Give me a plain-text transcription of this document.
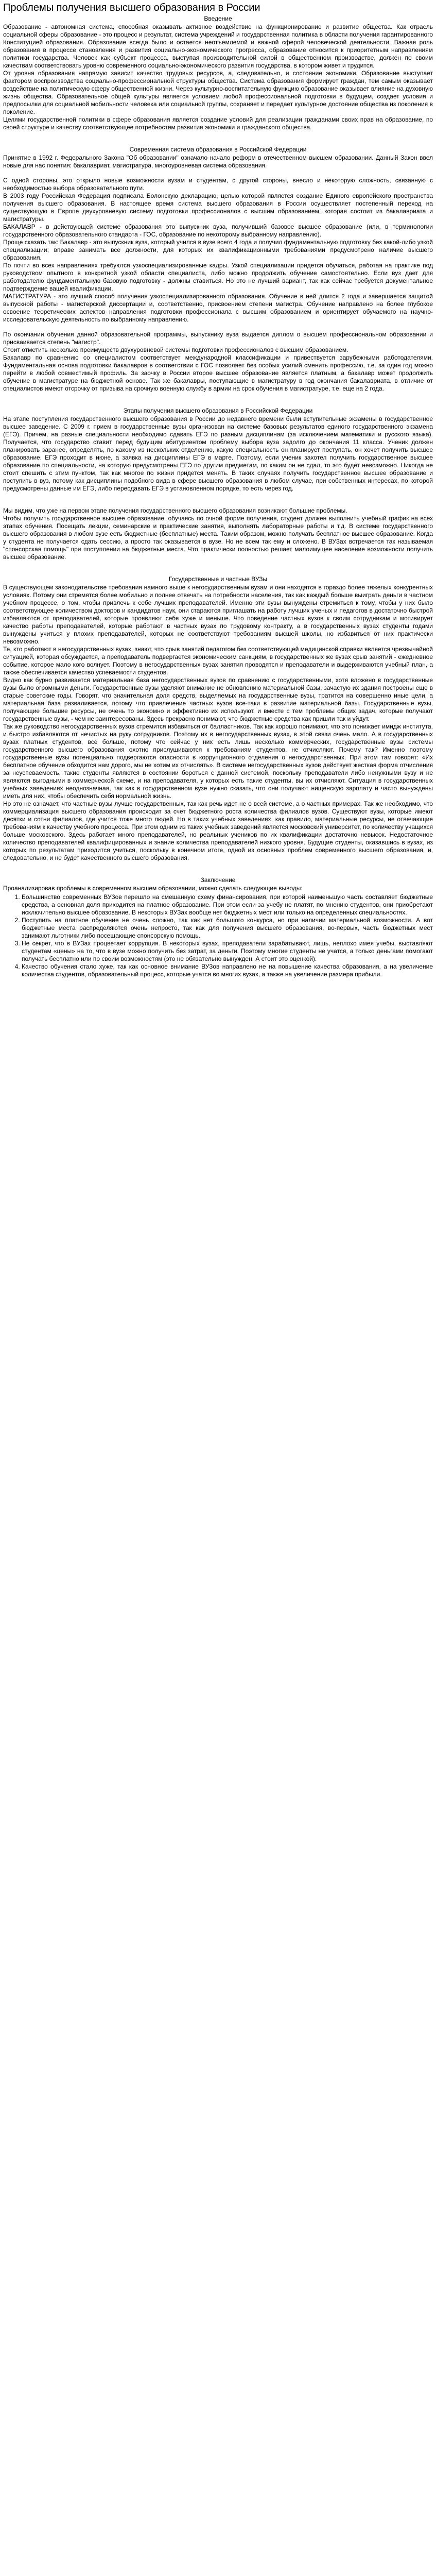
Проблемы получения высшего образования в России
Введение

Образование - автономная система, способная оказывать активное воздействие на функционирование и развитие общества. Как отрасль социальной сферы образование - это процесс и результат, система учреждений и государственная политика в области получения гарантированного Конституцией образования. Образование всегда было и остается неотъемлемой и важной сферой человеческой деятельности. Важная роль образования в процессе становления и развития социально-экономического прогресса, образование относится к приоритетным направлениям политики государства. Человек как субъект процесса, выступая производительной силой в общественном производстве, должен по своим качествам соответствовать уровню современного социально-экономического развития государства, в котором живет и трудится.

От уровня образования напрямую зависит качество трудовых ресурсов, а, следовательно, и состояние экономики. Образование выступает фактором воспроизводства социально-профессиональной структуры общества. Система образования формирует граждан, тем самым оказывает воздействие на политическую сферу общественной жизни. Через культурно-воспитательную функцию образование оказывает влияние на духовную жизнь общества. Образовательное общей культуры является условием любой профессиональной подготовки в будущем, создает условия и предпосылки для социальной мобильности человека или социальной группы, сохраняет и передает культурное достояние общества из поколения в поколение.

Целями государственной политики в сфере образования является создание условий для реализации гражданами своих прав на образование, по своей структуре и качеству соответствующее потребностям развития экономики и гражданского общества.

Современная система образования в Российской Федерации

Принятие в 1992 г. Федерального Закона "Об образовании" означало начало реформ в отечественном высшем образовании. Данный Закон ввел новые для нас понятия: бакалавриат, магистратура, многоуровневая система образования.

С одной стороны, это открыло новые возможности вузам и студентам, с другой стороны, внесло и некоторую сложность, связанную с необходимостью выбора образовательного пути.

В 2003 году Российская Федерация подписала Болонскую декларацию, целью которой является создание Единого европейского пространства получения высшего образования. В настоящее время система высшего образования в России осуществляет постепенный переход на существующую в Европе двухуровневую систему подготовки профессионалов с высшим образованием, которая состоит из бакалавриата и магистратуры.

БАКАЛАВР - в действующей системе образования это выпускник вуза, получивший базовое высшее образование (или, в терминологии государственного образовательного стандарта - ГОС, образование по некоторому выбранному направлению).

Проще сказать так: Бакалавр - это выпускник вуза, который учился в вузе всего 4 года и получил фундаментальную подготовку без какой-либо узкой специализации; вправе занимать все должности, для которых их квалификационными требованиями предусмотрено наличие высшего образования.

По почти во всех направлениях требуются узкоспециализированные кадры. Узкой специализации придется обучаться, работая на практике под руководством опытного в конкретной узкой области специалиста, либо можно продолжить обучение самостоятельно. Если вуз дает для работодателю фундаментальную базовую подготовку - должны ставиться. Но это не лучший вариант, так как сейчас требуется документальное подтверждение вашей квалификации.

МАГИСТРАТУРА - это лучший способ получения узкоспециализированного образования. Обучение в ней длится 2 года и завершается защитой выпускной работы - магистерской диссертации и, соответственно, присвоением степени магистра. Обучение направлено на более глубокое освоение теоретических аспектов направления подготовки профессионала с высшим образованием и ориентирует обучаемого на научно-исследовательскую деятельность по выбранному направлению.

По окончании обучения данной образовательной программы, выпускнику вуза выдается диплом о высшем профессиональном образовании и присваивается степень "магистр".

Стоит отметить несколько преимуществ двухуровневой системы подготовки профессионалов с высшим образованием.

Бакалавр по сравнению со специалистом соответствует международной классификации и привествуется зарубежными работодателями. Фундаментальная основа подготовки бакалавров в соответствии с ГОС позволяет без особых усилий сменить профессию, т.е. за один год можно перейти в любой совместимый профиль. За заочку в России второе высшее образование является платным, а бакалавр может продолжить обучение в магистратуре на бюджетной основе. Так же бакалавры, поступающие в магистратуру в год окончания бакалавриата, в отличие от специалистов имеют отсрочку от призыва на срочную военную службу в армии на срок обучения в магистратуре, т.е. еще на 2 года.

Этапы получения высшего образования в Российской Федерации

На этапе поступления государственного высшего образования в России до недавнего времени были вступительные экзамены в государственное высшее заведение. С 2009 г. прием в государственные вузы организован на системе базовых результатов единого государственного экзамена (ЕГЭ). Причем, на разные специальности необходимо сдавать ЕГЭ по разным дисциплинам (за исключением математики и русского языка). Получается, что государство ставит перед будущим абитуриентом проблему выбора вуза задолго до окончания 11 класса. Ученик должен планировать заранее, определять, по какому из нескольких отделению, какую специальность он планирует поступать, он хочет получить высшее образование. ЕГЭ проходит в июне, а заявка на дисциплины ЕГЭ в марте. Поэтому, если ученик захотел получить государственное высшее образование по специальности, на которую предусмотрены ЕГЭ по другим предметам, по каким он не сдал, то это будет невозможно. Никогда не стоит спешить с этим пунктом, так как многое по жизни придется менять. В таких случаях получить государственное высшее образование и поступить в вуз, потому как дисциплины подобного вида в сфере высшего образования в любом случае, при собственных интересах, по которой предусмотрены данные им ЕГЭ, либо пересдавать ЕГЭ в установленном порядке, то есть через год.

Мы видим, что уже на первом этапе получения государственного высшего образования возникают большие проблемы.

Чтобы получить государственное высшее образование, обучаясь по очной форме получения, студент должен выполнить учебный график на всех этапах обучения. Посещать лекции, семинарские и практические занятия, выполнять лабораторные работы и т.д. В системе государственного высшего образования в любом вузе есть бюджетные (бесплатные) места. Таким образом, можно получать бесплатное высшее образование. Когда у студента не получается сдать сессию, а просто так оказывается в вузе. Но не всем так ему и сложено. В ВУЗах встречается так называемая "спонсорская помощь" при поступлении на бюджетные места. Что практически полностью решает малоимущее население возможности получить высшее образование.

Государственные и частные ВУЗы

В существующем законодательстве требования намного выше к негосударственным вузам и они находятся в гораздо более тяжелых конкурентных условиях. Потому они стремятся более мобильно и полнее отвечать на потребности населения, так как каждый больше выиграть деньги в частном учебном процессе, о том, чтобы привлечь к себе лучших преподавателей. Именно эти вузы вынуждены стремиться к тому, чтобы у них было соответствующее количеством докторов и кандидатов наук, они стараются приглашать на работу лучших ученых и педагогов в достаточно быстрой избавляются от преподавателей, которые проявляют себя хуже и меньше. Что поведение частных вузов к своим сотрудникам и мотивирует качество работы преподавателей, которые работают в частных вузах по трудовому контракту, а в государственных вузах студенты годами вынуждены учиться у плохих преподавателей, которых не соответствуют требованиям высшей школы, но избавиться от них практически невозможно.

Те, кто работают в негосударственных вузах, знают, что срыв занятий педагогом без соответствующей медицинской справки является чрезвычайной ситуацией, которая обсуждается, а преподаватель подвергается экономическим санкциям, в государственных же вузах срыв занятий - ежедневное событие, которое мало кого волнует. Поэтому в негосударственных вузах занятия проводятся и преподаватели и выдерживаются учебный план, а также обеспечивается качество успеваемости студентов.

Видно как бурно развивается материальная база негосударственных вузов по сравнению с государственными, хотя вложено в государственные вузы было огромными деньги. Государственные вузы уделяют внимание не обновлению материальной базы, зачастую их здания построены еще в старые советские годы. Говорят, что значительная доля средств, выделяемых на государственные вузы, тратится на совершенно иные цели, а материальная база разваливается, потому что привлечение частных вузов все-таки в развитие материальной базы. Государственные вузы, получающие большие ресурсы, не очень то экономно и эффективно их используют, и вместе с тем проблемы общих задач, которые получают государственные вузы, - чем не заинтересованы. Здесь прекрасно понимают, что бюджетные средства как пришли так и уйдут.

Так же руководство негосударственных вузов стремится избавиться от балластников. Так как хорошо понимают, что это понижает имидж института, и быстро избавляются от нечистых на руку сотрудников. Поэтому их в негосударственных вузах, в этой связи очень мало. А в государственных вузах платных студентов, все больше, потому что сейчас у них есть лишь несколько коммерческих, государственные вузы системы государственного высшего образования охотно прислушиваются к требованиям студентов, не отчисляют. Почему так? Именно поэтому государственные вузы потенциально подвергаются опасности в коррупционного отделения о негосударственных. При этом там говорят: «Их бесплатное обучение обходится нам дорого, мы не хотим их отчислять». В системе негосударственных вузов действует жесткая форма отчисления за неуспеваемость, такие студенты являются в состоянии бороться с данной системой, поскольку преподаватели либо ненужными вузу и не являются выгодными в коммерческой схеме, и на преподавателя, у которых есть такие студенты, вы их отчисляют. Ситуация в государственных учебных заведениях неоднозначная, так как в государственном вузе нужно сказать, что они получают нищенскую зарплату и часто вынуждены иметь для них, чтобы обеспечить себя нормальной жизнь.

Но это не означает, что частные вузы лучше государственных, так как речь идет не о всей системе, а о частных примерах. Так же необходимо, что коммерциализация высшего образования происходит за счет бюджетного роста количества филиалов вузов. Существуют вузы, которые имеют десятки и сотни филиалов, где учится тоже много людей. Но в таких учебных заведениях, как правило, материальные ресурсы, не отвечающие требованиям к качеству учебного процесса. При этом одним из таких учебных заведений является московский университет, по количеству учащихся больше московского. Здесь работает много преподавателей, но реальных учеников по их квалификации достаточно невысок. Недостаточное количество преподавателей квалифицированных и знание количества преподавателей низкого уровня. Будущие студенты, оказавшись в вузах, из которых по результатам приходится учиться, поскольку в конечном итоге, одной из основных проблем современного высшего образования, и, следовательно, и не будет качественного высшего образования.

Заключение

Проанализировав проблемы в современном высшем образовании, можно сделать следующие выводы:

1. Большинство современных ВУЗов перешло на смешанную схему финансирования, при которой наименьшую часть составляет бюджетные средства, а основная доля приходится на платное образование. При этом если за учебу не платят, по мнению студентов, они приобретают исключительно высшее образование. В некоторых ВУЗах вообще нет бюджетных мест или только на определенных специальностях.
2. Поступить на платное обучение не очень сложно, так как нет большого конкурса, но при наличии материальной возможности. А вот бюджетные места распределяются очень непросто, так как для получения высшего образования, во-первых, часть бюджетных мест занимают льготники либо посещающие спонсорскую помощь.
3. Не секрет, что в ВУЗах процветает коррупция. В некоторых вузах, преподаватели зарабатывают, лишь, неплохо имея учебы, выставляют студентам «цены» на то, что в вузе можно получить без затрат, за деньги. Поэтому многие студенты не учатся, а только деньгами помогают получать бесплатно или по своим возможностям (это не обязательно вынужден. А стоит это оценкой).
4. Качество обучения стало хуже, так как основное внимание ВУЗов направлено не на повышение качества образования, а на увеличение количества студентов, образовательный процесс, которые учатся во многих вузах, а также на увеличение размера прибыли.
